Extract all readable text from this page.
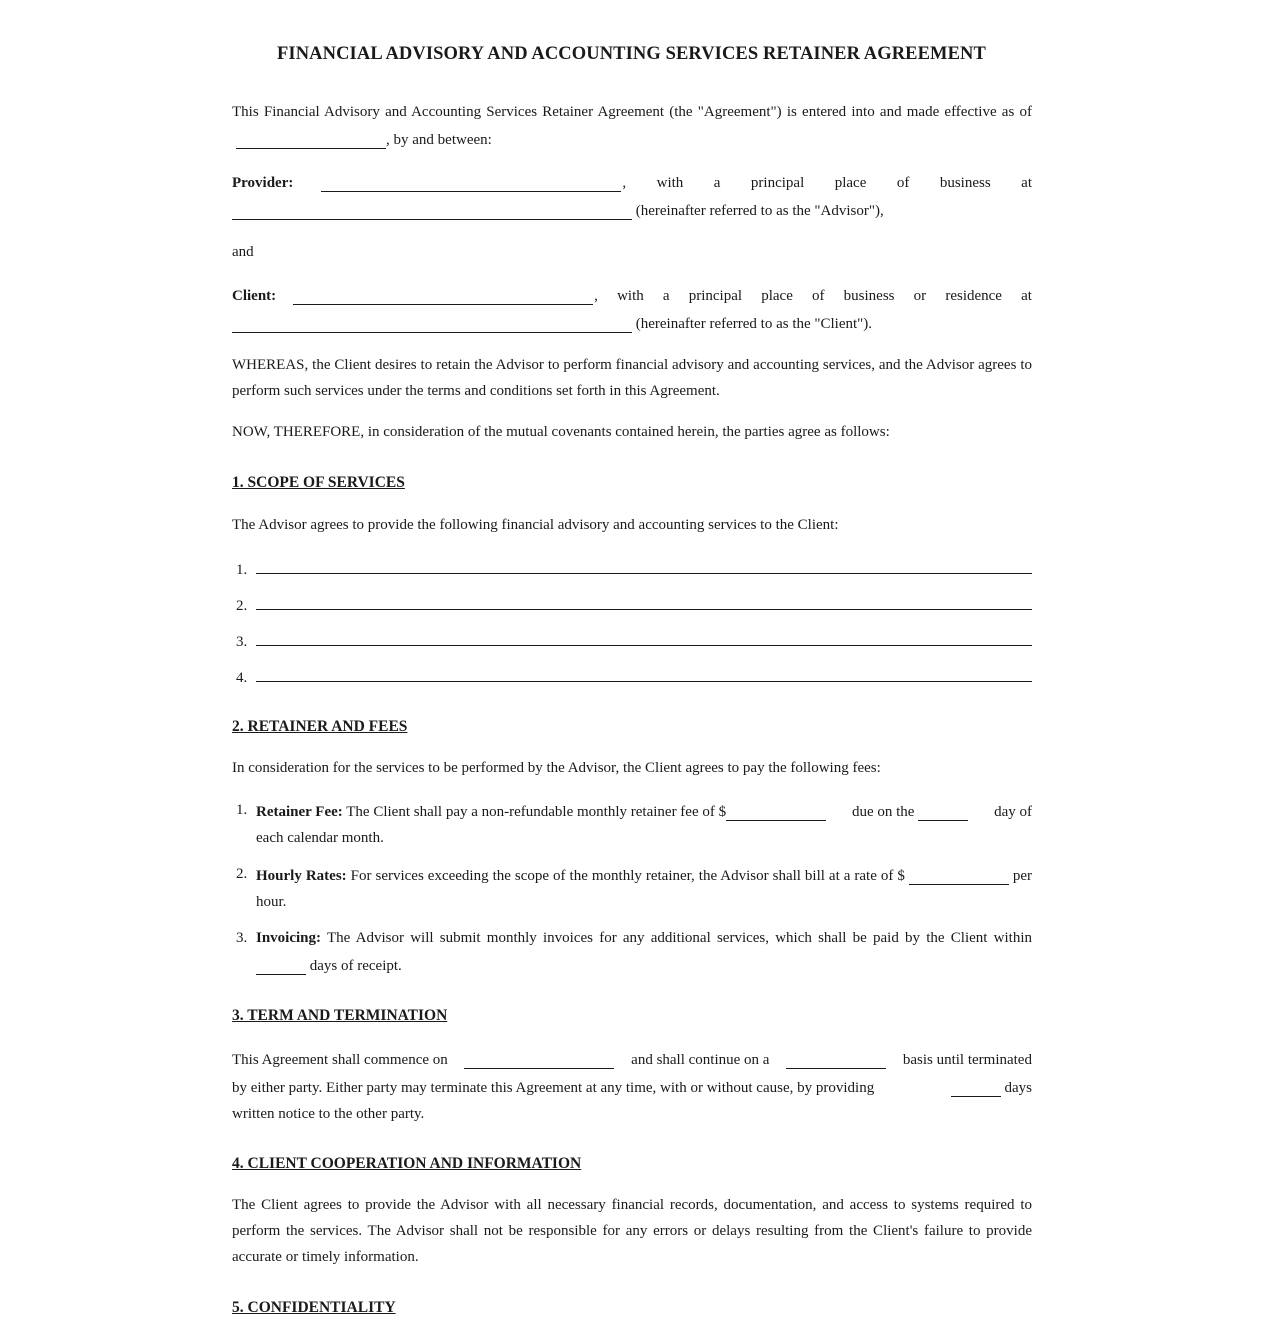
FINANCIAL ADVISORY AND ACCOUNTING SERVICES RETAINER AGREEMENT

This Financial Advisory and Accounting Services Retainer Agreement (the "Agreement") is entered into and made effective as of , by and between:

Provider:	, with a principal place of business at

(hereinafter referred to as the "Advisor"),

and

Client:	, with a principal place of business or residence at

(hereinafter referred to as the "Client").

WHEREAS, the Client desires to retain the Advisor to perform financial advisory and accounting services, and the Advisor agrees to perform such services under the terms and conditions set forth in this Agreement.

NOW, THEREFORE, in consideration of the mutual covenants contained herein, the parties agree as follows:

1. SCOPE OF SERVICES

The Advisor agrees to provide the following financial advisory and accounting services to the Client:

1.
2.
3.
4.
2. RETAINER AND FEES

In consideration for the services to be performed by the Advisor, the Client agrees to pay the following fees:

1. Retainer Fee: The Client shall pay a non-refundable monthly retainer fee of $	due on the	day of
each calendar month.
2. Hourly Rates: For services exceeding the scope of the monthly retainer, the Advisor shall bill at a rate of $	per hour.
3. Invoicing: The Advisor will submit monthly invoices for any additional services, which shall be paid by the Client within days of receipt.
3. TERM AND TERMINATION
This Agreement shall commence on	and shall continue on a	basis until terminated
by either party. Either party may terminate this Agreement at any time, with or without cause, by providing	days

written notice to the other party.

4. CLIENT COOPERATION AND INFORMATION

The Client agrees to provide the Advisor with all necessary financial records, documentation, and access to systems required to perform the services. The Advisor shall not be responsible for any errors or delays resulting from the Client's failure to provide accurate or timely information.

5. CONFIDENTIALITY
